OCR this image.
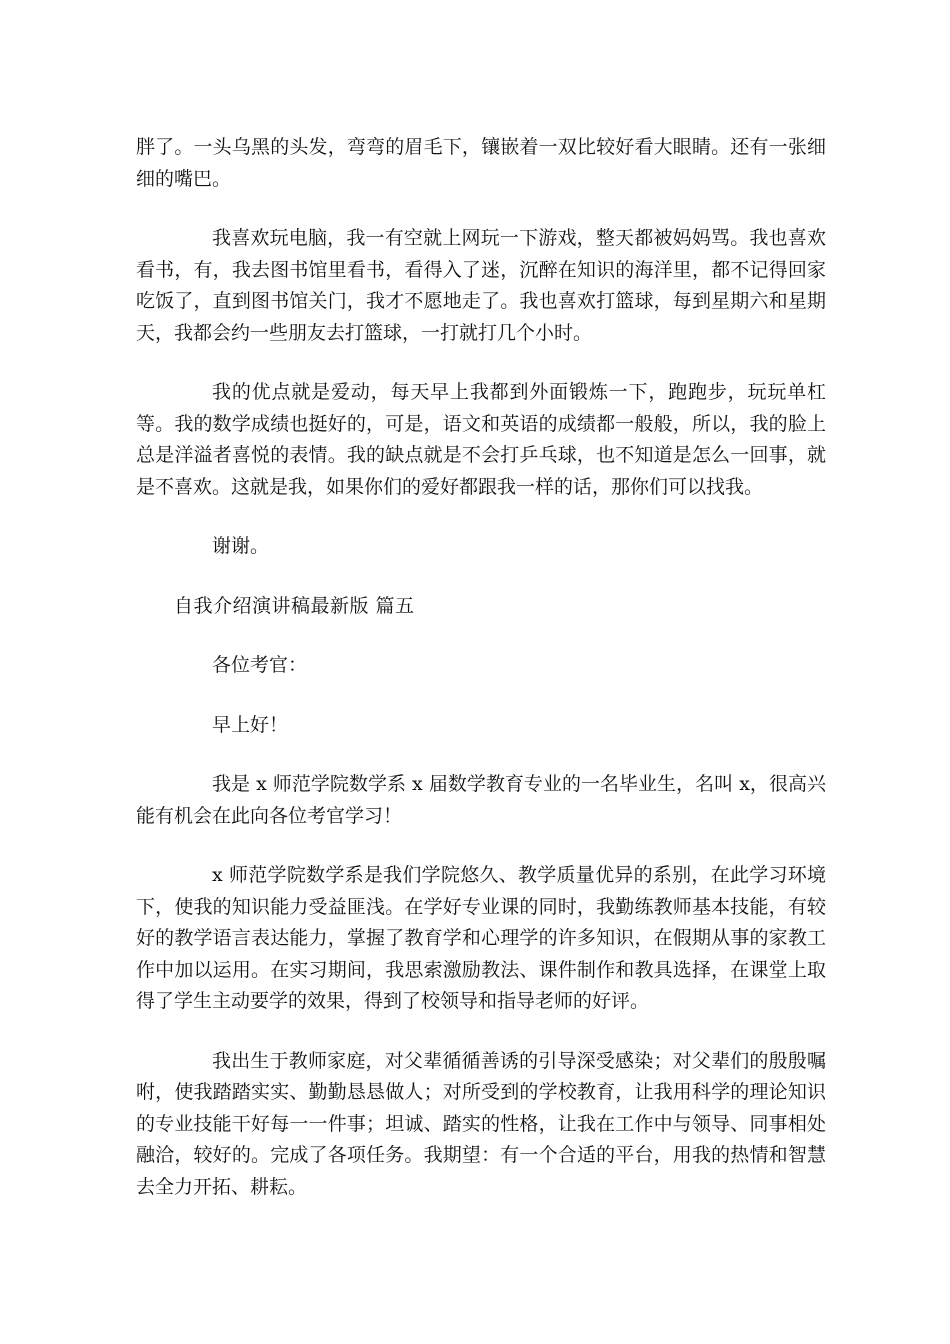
胖了。一头乌黑的头发，弯弯的眉毛下，镶嵌着一双比较好看大眼睛。还有一张细细的嘴巴。

我喜欢玩电脑，我一有空就上网玩一下游戏，整天都被妈妈骂。我也喜欢看书，有，我去图书馆里看书，看得入了迷，沉醉在知识的海洋里，都不记得回家吃饭了，直到图书馆关门，我才不愿地走了。我也喜欢打篮球，每到星期六和星期天，我都会约一些朋友去打篮球，一打就打几个小时。

我的优点就是爱动，每天早上我都到外面锻炼一下，跑跑步，玩玩单杠等。我的数学成绩也挺好的，可是，语文和英语的成绩都一般般，所以，我的脸上总是洋溢者喜悦的表情。我的缺点就是不会打乒乓球，也不知道是怎么一回事，就是不喜欢。这就是我，如果你们的爱好都跟我一样的话，那你们可以找我。

谢谢。

自我介绍演讲稿最新版 篇五

各位考官：

早上好！

我是 x 师范学院数学系 x 届数学教育专业的一名毕业生，名叫 x，很高兴能有机会在此向各位考官学习！

x 师范学院数学系是我们学院悠久、教学质量优异的系别，在此学习环境下，使我的知识能力受益匪浅。在学好专业课的同时，我勤练教师基本技能，有较好的教学语言表达能力，掌握了教育学和心理学的许多知识，在假期从事的家教工作中加以运用。在实习期间，我思索激励教法、课件制作和教具选择，在课堂上取得了学生主动要学的效果，得到了校领导和指导老师的好评。

我出生于教师家庭，对父辈循循善诱的引导深受感染；对父辈们的殷殷嘱咐，使我踏踏实实、勤勤恳恳做人；对所受到的学校教育，让我用科学的理论知识的专业技能干好每一一件事；坦诚、踏实的性格，让我在工作中与领导、同事相处融洽，较好的。完成了各项任务。我期望：有一个合适的平台，用我的热情和智慧去全力开拓、耕耘。
